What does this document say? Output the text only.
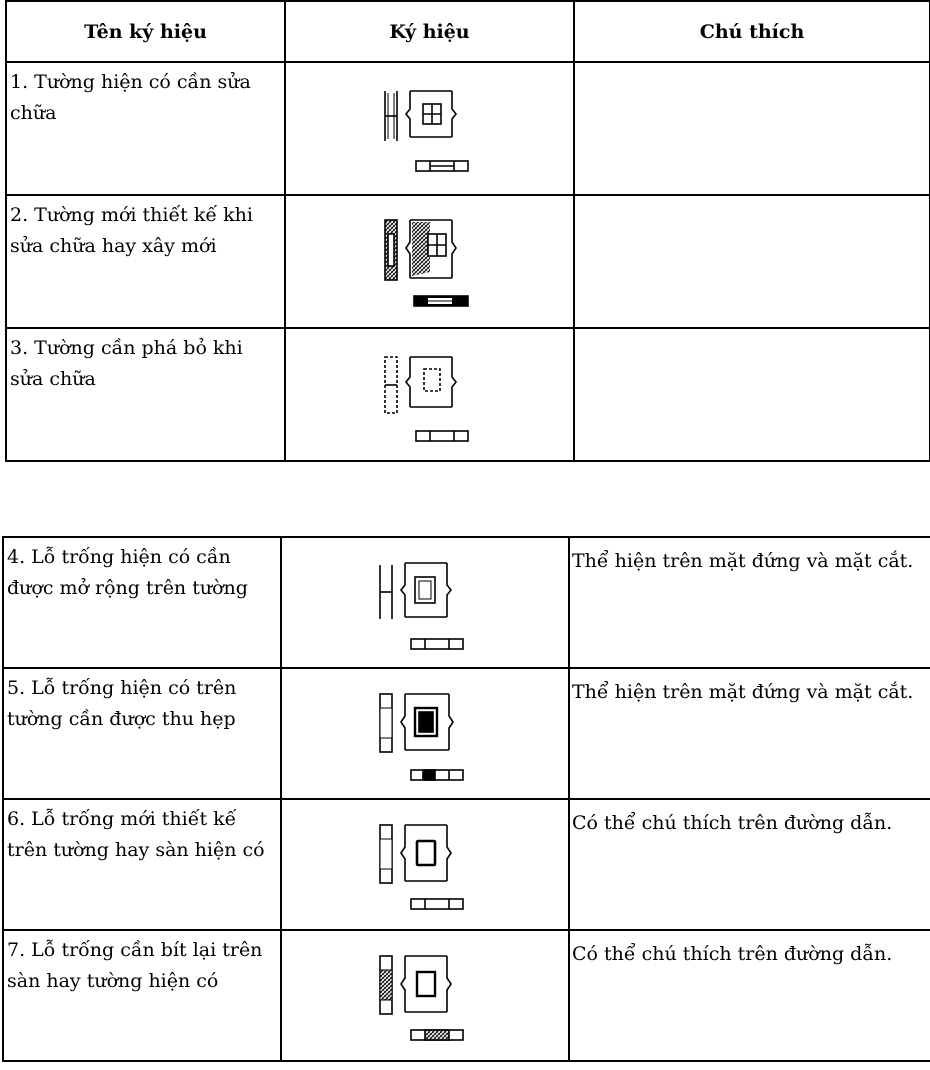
Tên ký hiệu	Ký hiệu	Chú thích

1. Tường hiện có cần sửa chữa

2. Tường mới thiết kế khi sửa chữa hay xây mới

3. Tường cần phá bỏ khi sửa chữa

4. Lỗ trống hiện có cần được mở rộng trên tường		Thể hiện trên mặt đứng và mặt cắt.

5. Lỗ trống hiện có trên tường cần được thu hẹp		Thể hiện trên mặt đứng và mặt cắt.

6. Lỗ trống mới thiết kế trên tường hay sàn hiện có		Có thể chú thích trên đường dẫn.

7. Lỗ trống cần bít lại trên sàn hay tường hiện có		Có thể chú thích trên đường dẫn.
